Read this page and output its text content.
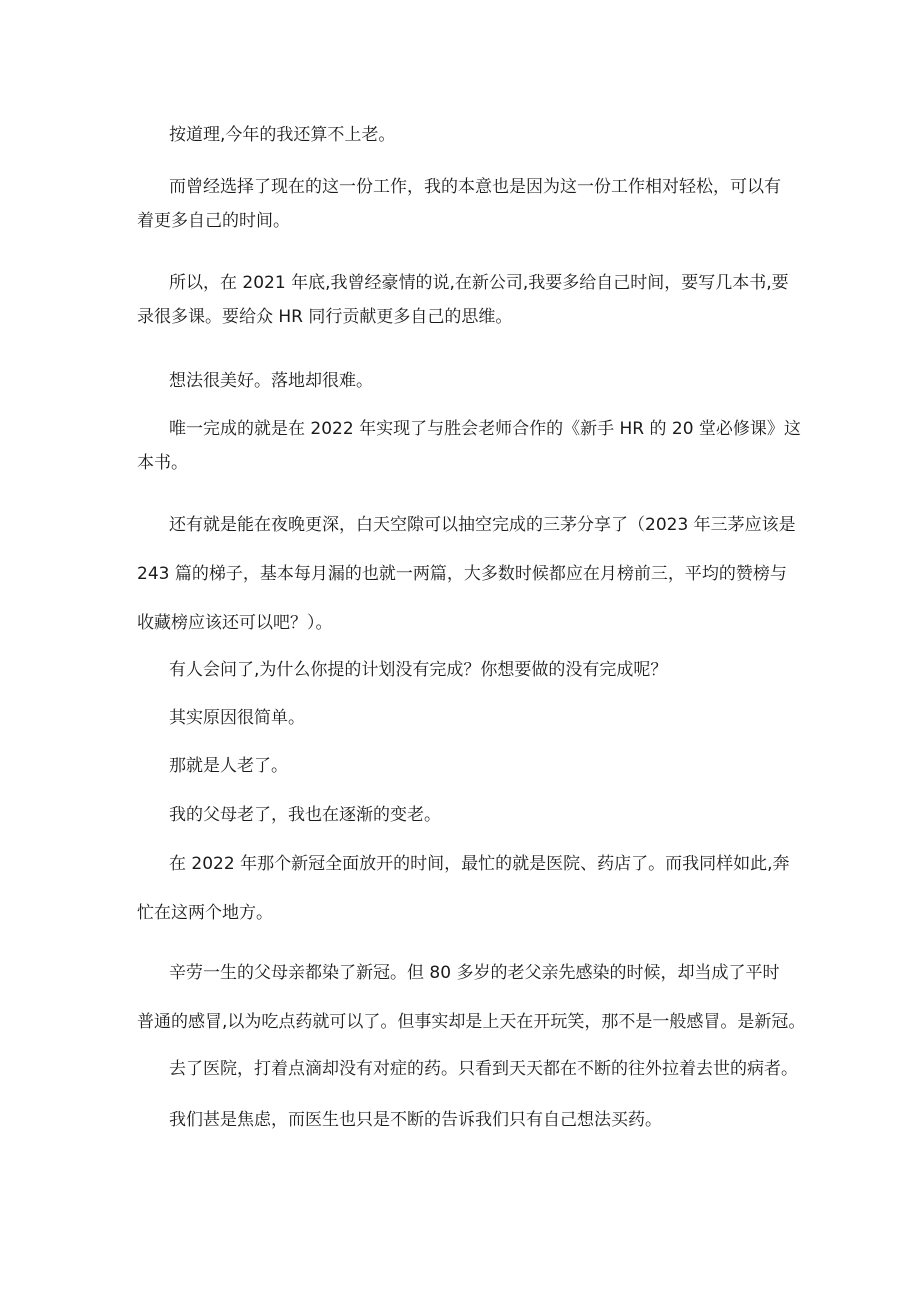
按道理,今年的我还算不上老。
而曾经选择了现在的这一份工作，我的本意也是因为这一份工作相对轻松，可以有
着更多自己的时间。
所以，在 2021 年底,我曾经豪情的说,在新公司,我要多给自己时间，要写几本书,要
录很多课。要给众 HR 同行贡献更多自己的思维。
想法很美好。落地却很难。
唯一完成的就是在 2022 年实现了与胜会老师合作的《新手 HR 的 20 堂必修课》这
本书。
还有就是能在夜晚更深，白天空隙可以抽空完成的三茅分享了（2023 年三茅应该是
243 篇的梯子，基本每月漏的也就一两篇，大多数时候都应在月榜前三，平均的赞榜与
收藏榜应该还可以吧？）。
有人会问了,为什么你提的计划没有完成？你想要做的没有完成呢？
其实原因很简单。
那就是人老了。
我的父母老了，我也在逐渐的变老。
在 2022 年那个新冠全面放开的时间，最忙的就是医院、药店了。而我同样如此,奔
忙在这两个地方。
辛劳一生的父母亲都染了新冠。但 80 多岁的老父亲先感染的时候，却当成了平时
普通的感冒,以为吃点药就可以了。但事实却是上天在开玩笑，那不是一般感冒。是新冠。
去了医院，打着点滴却没有对症的药。只看到天天都在不断的往外拉着去世的病者。
我们甚是焦虑，而医生也只是不断的告诉我们只有自己想法买药。
